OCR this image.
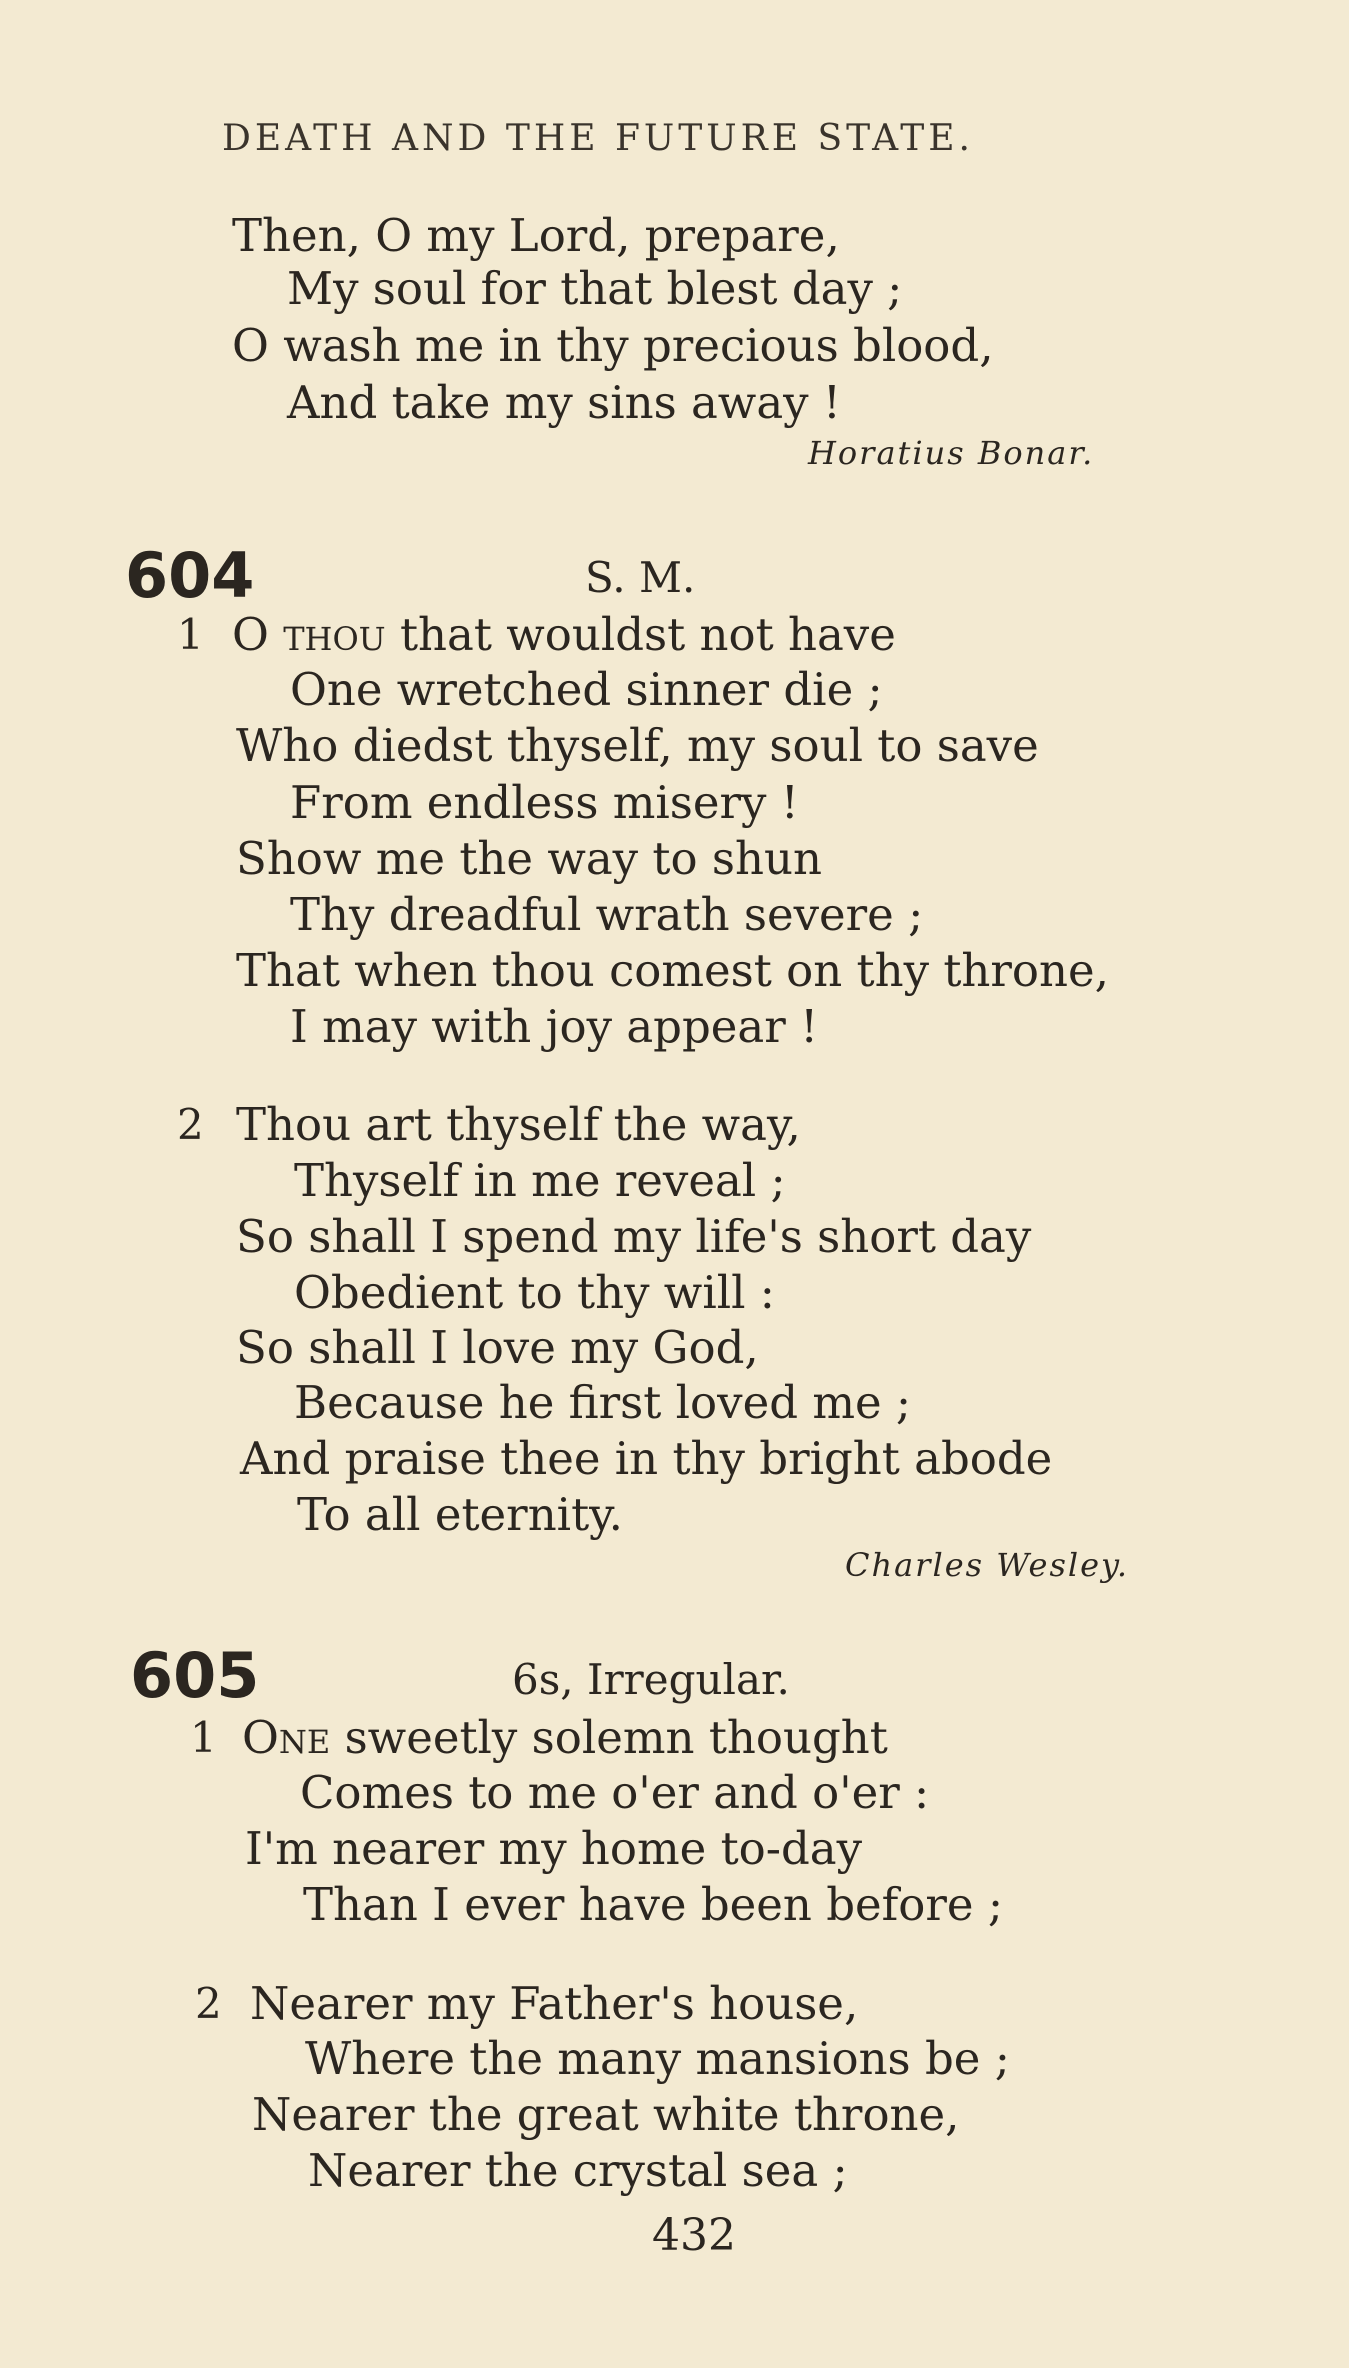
DEATH AND THE FUTURE STATE.
Then, O my Lord, prepare,
My soul for that blest day ;
O wash me in thy precious blood,
And take my sins away !
Horatius Bonar.
604	S. M.
1 O thou that wouldst not have
One wretched sinner die ;
Who diedst thyself, my soul to save
From endless misery !
Show me the way to shun
Thy dreadful wrath severe ;
That when thou comest on thy throne,
I may with joy appear !
2 Thou art thyself the way,
Thyself in me reveal ;
So shall I spend my life's short day
Obedient to thy will :
So shall I love my God,
Because he first loved me ;
And praise thee in thy bright abode
To all eternity.
Charles Wesley.
605	6s, Irregular.
1 One sweetly solemn thought
Comes to me o'er and o'er :
I'm nearer my home to-day
Than I ever have been before ;
2 Nearer my Father's house,
Where the many mansions be ;
Nearer the great white throne,
Nearer the crystal sea ;
432
